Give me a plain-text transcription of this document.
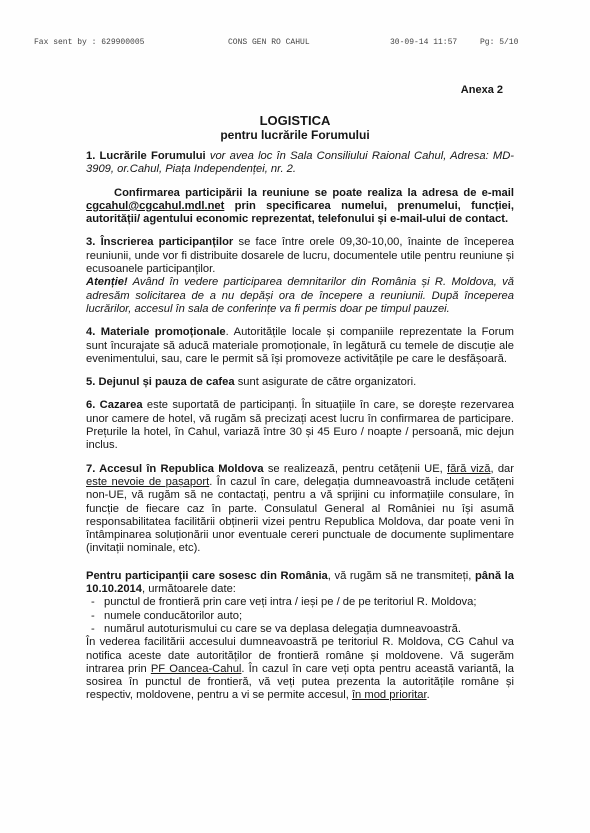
Fax sent by : 629900005	CONS GEN RO CAHUL	30-09-14 11:57	Pg: 5/10
Anexa 2
LOGISTICA
pentru lucrările Forumului

1. Lucrările Forumului vor avea loc în Sala Consiliului Raional Cahul, Adresa: MD-3909, or.Cahul, Piața Independenței, nr. 2.

Confirmarea participării la reuniune se poate realiza la adresa de e-mail cgcahul@cgcahul.mdl.net prin specificarea numelui, prenumelui, funcției, autorității/ agentului economic reprezentat, telefonului și e-mail-ului de contact.

3. Înscrierea participanților se face între orele 09,30-10,00, înainte de începerea reuniunii, unde vor fi distribuite dosarele de lucru, documentele utile pentru reuniune și ecusoanele participanților.
Atenție! Având în vedere participarea demnitarilor din România și R. Moldova, vă adresăm solicitarea de a nu depăși ora de începere a reuniunii. După începerea lucrărilor, accesul în sala de conferințe va fi permis doar pe timpul pauzei.

4. Materiale promoționale. Autoritățile locale și companiile reprezentate la Forum sunt încurajate să aducă materiale promoționale, în legătură cu temele de discuție ale evenimentului, sau, care le permit să își promoveze activitățile pe care le desfășoară.

5. Dejunul și pauza de cafea sunt asigurate de către organizatori.

6. Cazarea este suportată de participanți. În situațiile în care, se dorește rezervarea unor camere de hotel, vă rugăm să precizați acest lucru în confirmarea de participare. Prețurile la hotel, în Cahul, variază între 30 și 45 Euro / noapte / persoană, mic dejun inclus.

7. Accesul în Republica Moldova se realizează, pentru cetățenii UE, fără viză, dar este nevoie de pașaport. În cazul în care, delegația dumneavoastră include cetățeni non-UE, vă rugăm să ne contactați, pentru a vă sprijini cu informațiile consulare, în funcție de fiecare caz în parte. Consulatul General al României nu își asumă responsabilitatea facilitării obținerii vizei pentru Republica Moldova, dar poate veni în întâmpinarea soluționării unor eventuale cereri punctuale de documente suplimentare (invitații nominale, etc).

Pentru participanții care sosesc din România, vă rugăm să ne transmiteți, până la 10.10.2014, următoarele date:
- punctul de frontieră prin care veți intra / ieși pe / de pe teritoriul R. Moldova;
- numele conducătorilor auto;
- numărul autoturismului cu care se va deplasa delegația dumneavoastră.
În vederea facilitării accesului dumneavoastră pe teritoriul R. Moldova, CG Cahul va notifica aceste date autorităților de frontieră române și moldovene. Vă sugerăm intrarea prin PF Oancea-Cahul. În cazul în care veți opta pentru această variantă, la sosirea în punctul de frontieră, vă veți putea prezenta la autoritățile române și respectiv, moldovene, pentru a vi se permite accesul, în mod prioritar.
